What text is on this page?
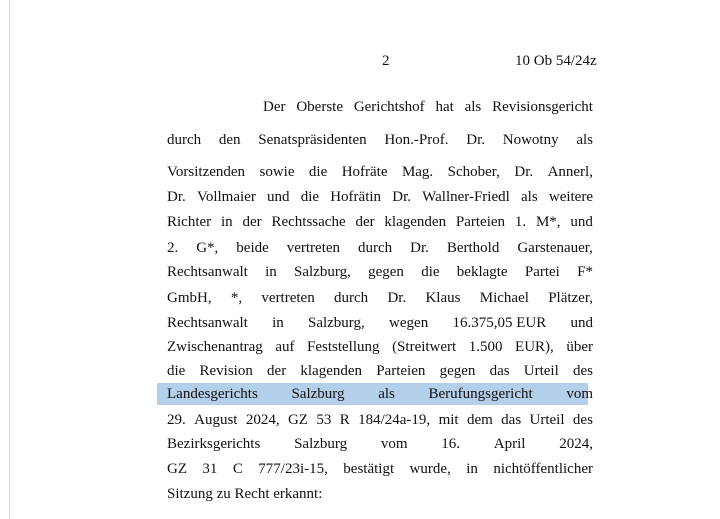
2	10 Ob 54/24z
Der Oberste Gerichtshof hat als Revisionsgericht
durch den Senatspräsidenten Hon.-Prof. Dr. Nowotny als
Vorsitzenden sowie die Hofräte Mag. Schober, Dr. Annerl,
Dr. Vollmaier und die Hofrätin Dr. Wallner-Friedl als weitere
Richter in der Rechtssache der klagenden Parteien 1. M*, und
2. G*, beide vertreten durch Dr. Berthold Garstenauer,
Rechtsanwalt in Salzburg, gegen die beklagte Partei F*
GmbH, *, vertreten durch Dr. Klaus Michael Plätzer,
Rechtsanwalt in Salzburg, wegen 16.375,05 EUR und
Zwischenantrag auf Feststellung (Streitwert 1.500 EUR), über
die Revision der klagenden Parteien gegen das Urteil des
Landesgerichts Salzburg als Berufungsgericht vom
29. August 2024, GZ 53 R 184/24a-19, mit dem das Urteil des
Bezirksgerichts Salzburg vom 16. April 2024,
GZ 31 C 777/23i-15, bestätigt wurde, in nichtöffentlicher
Sitzung zu Recht erkannt:
